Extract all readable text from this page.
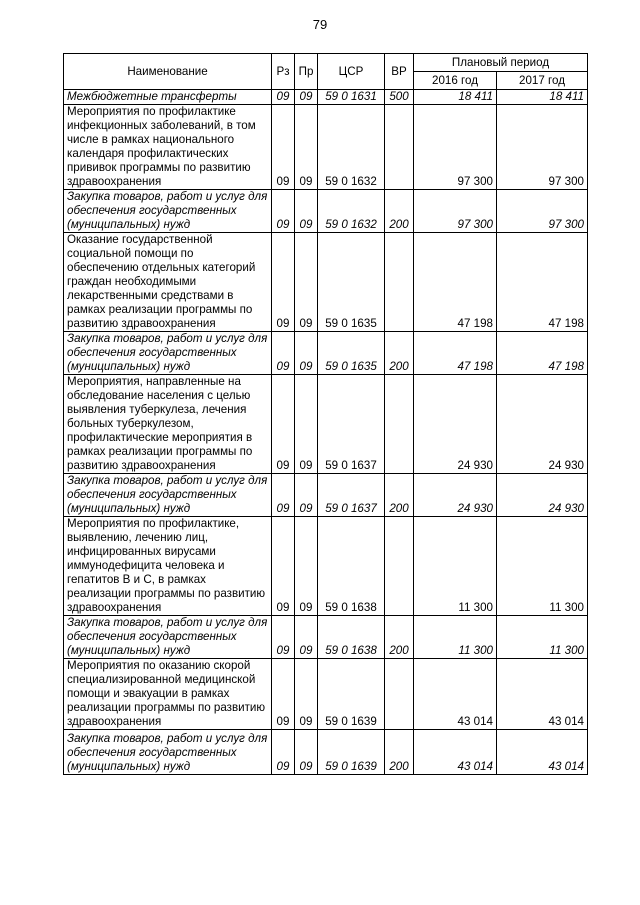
79
Наименование	Рз	Пр	ЦСР	ВР	Плановый период	
					2016 год	2017 год
Межбюджетные трансферты	09	09	59 0 1631	500	18 411	18 411
Мероприятия по профилактике инфекционных заболеваний, в том числе в рамках национального календаря профилактических прививок программы по развитию здравоохранения	09	09	59 0 1632		97 300	97 300
Закупка товаров, работ и услуг для обеспечения государственных (муниципальных) нужд	09	09	59 0 1632	200	97 300	97 300
Оказание государственной социальной помощи по обеспечению отдельных категорий граждан необходимыми лекарственными средствами в рамках реализации программы по развитию здравоохранения	09	09	59 0 1635		47 198	47 198
Закупка товаров, работ и услуг для обеспечения государственных (муниципальных) нужд	09	09	59 0 1635	200	47 198	47 198
Мероприятия, направленные на обследование населения с целью выявления туберкулеза, лечения больных туберкулезом, профилактические мероприятия в рамках реализации программы по развитию здравоохранения	09	09	59 0 1637		24 930	24 930
Закупка товаров, работ и услуг для обеспечения государственных (муниципальных) нужд	09	09	59 0 1637	200	24 930	24 930
Мероприятия по профилактике, выявлению, лечению лиц, инфицированных вирусами иммунодефицита человека и гепатитов B и C, в рамках реализации программы по развитию здравоохранения	09	09	59 0 1638		11 300	11 300
Закупка товаров, работ и услуг для обеспечения государственных (муниципальных) нужд	09	09	59 0 1638	200	11 300	11 300
Мероприятия по оказанию скорой специализированной медицинской помощи и эвакуации в рамках реализации программы по развитию здравоохранения	09	09	59 0 1639		43 014	43 014
Закупка товаров, работ и услуг для обеспечения государственных (муниципальных) нужд	09	09	59 0 1639	200	43 014	43 014
